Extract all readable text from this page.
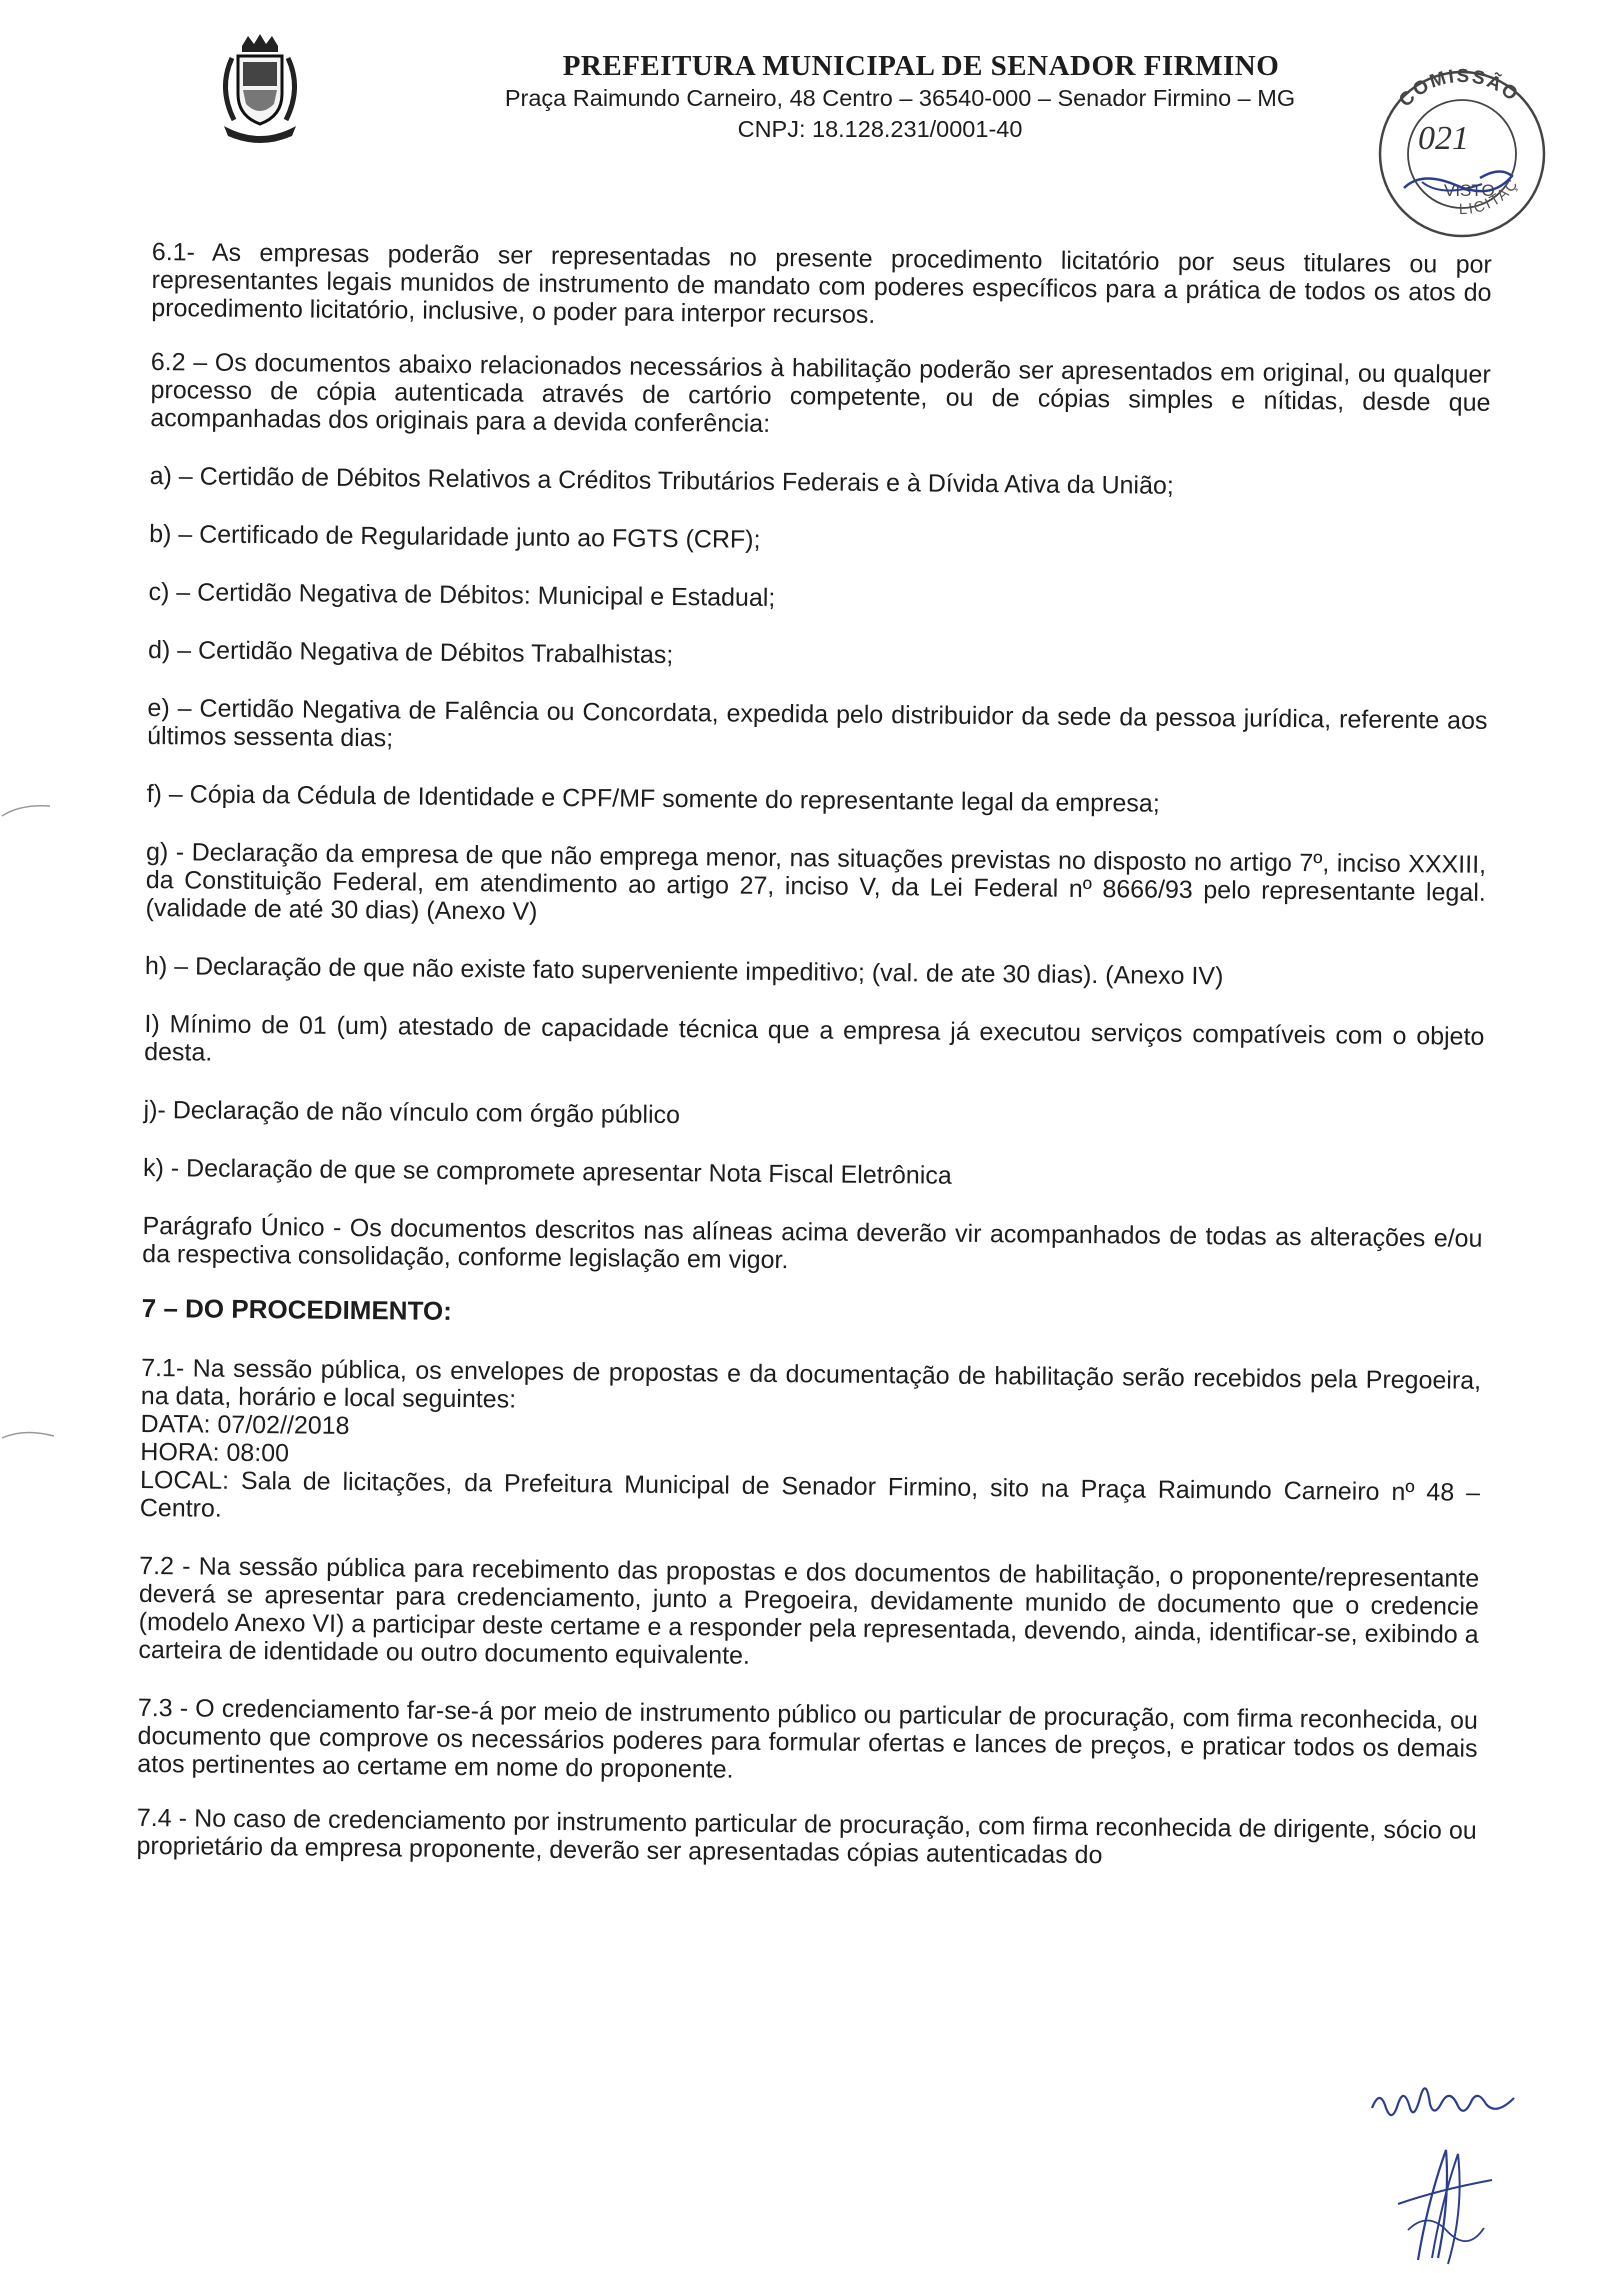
PREFEITURA MUNICIPAL DE SENADOR FIRMINO
Praça Raimundo Carneiro, 48 Centro – 36540-000 – Senador Firmino – MG
CNPJ: 18.128.231/0001-40
COMISSÃO
LICITAÇ
VISTO
021

6.1- As empresas poderão ser representadas no presente procedimento licitatório por seus titulares ou por representantes legais munidos de instrumento de mandato com poderes específicos para a prática de todos os atos do procedimento licitatório, inclusive, o poder para interpor recursos.

6.2 – Os documentos abaixo relacionados necessários à habilitação poderão ser apresentados em original, ou qualquer processo de cópia autenticada através de cartório competente, ou de cópias simples e nítidas, desde que acompanhadas dos originais para a devida conferência:

a) – Certidão de Débitos Relativos a Créditos Tributários Federais e à Dívida Ativa da União;

b) – Certificado de Regularidade junto ao FGTS (CRF);

c) – Certidão Negativa de Débitos: Municipal e Estadual;

d) – Certidão Negativa de Débitos Trabalhistas;

e) – Certidão Negativa de Falência ou Concordata, expedida pelo distribuidor da sede da pessoa jurídica, referente aos últimos sessenta dias;

f) – Cópia da Cédula de Identidade e CPF/MF somente do representante legal da empresa;

g) - Declaração da empresa de que não emprega menor, nas situações previstas no disposto no artigo 7º, inciso XXXIII, da Constituição Federal, em atendimento ao artigo 27, inciso V, da Lei Federal nº 8666/93 pelo representante legal. (validade de até 30 dias) (Anexo V)

h) – Declaração de que não existe fato superveniente impeditivo; (val. de ate 30 dias). (Anexo IV)

I) Mínimo de 01 (um) atestado de capacidade técnica que a empresa já executou serviços compatíveis com o objeto desta.

j)- Declaração de não vínculo com órgão público

k) - Declaração de que se compromete apresentar Nota Fiscal Eletrônica

Parágrafo Único - Os documentos descritos nas alíneas acima deverão vir acompanhados de todas as alterações e/ou da respectiva consolidação, conforme legislação em vigor.

7 – DO PROCEDIMENTO:

7.1- Na sessão pública, os envelopes de propostas e da documentação de habilitação serão recebidos pela Pregoeira, na data, horário e local seguintes:
DATA: 07/02//2018
HORA: 08:00
LOCAL: Sala de licitações, da Prefeitura Municipal de Senador Firmino, sito na Praça Raimundo Carneiro nº 48 – Centro.

7.2 - Na sessão pública para recebimento das propostas e dos documentos de habilitação, o proponente/representante deverá se apresentar para credenciamento, junto a Pregoeira, devidamente munido de documento que o credencie (modelo Anexo VI) a participar deste certame e a responder pela representada, devendo, ainda, identificar-se, exibindo a carteira de identidade ou outro documento equivalente.

7.3 - O credenciamento far-se-á por meio de instrumento público ou particular de procuração, com firma reconhecida, ou documento que comprove os necessários poderes para formular ofertas e lances de preços, e praticar todos os demais atos pertinentes ao certame em nome do proponente.

7.4 - No caso de credenciamento por instrumento particular de procuração, com firma reconhecida de dirigente, sócio ou proprietário da empresa proponente, deverão ser apresentadas cópias autenticadas do
